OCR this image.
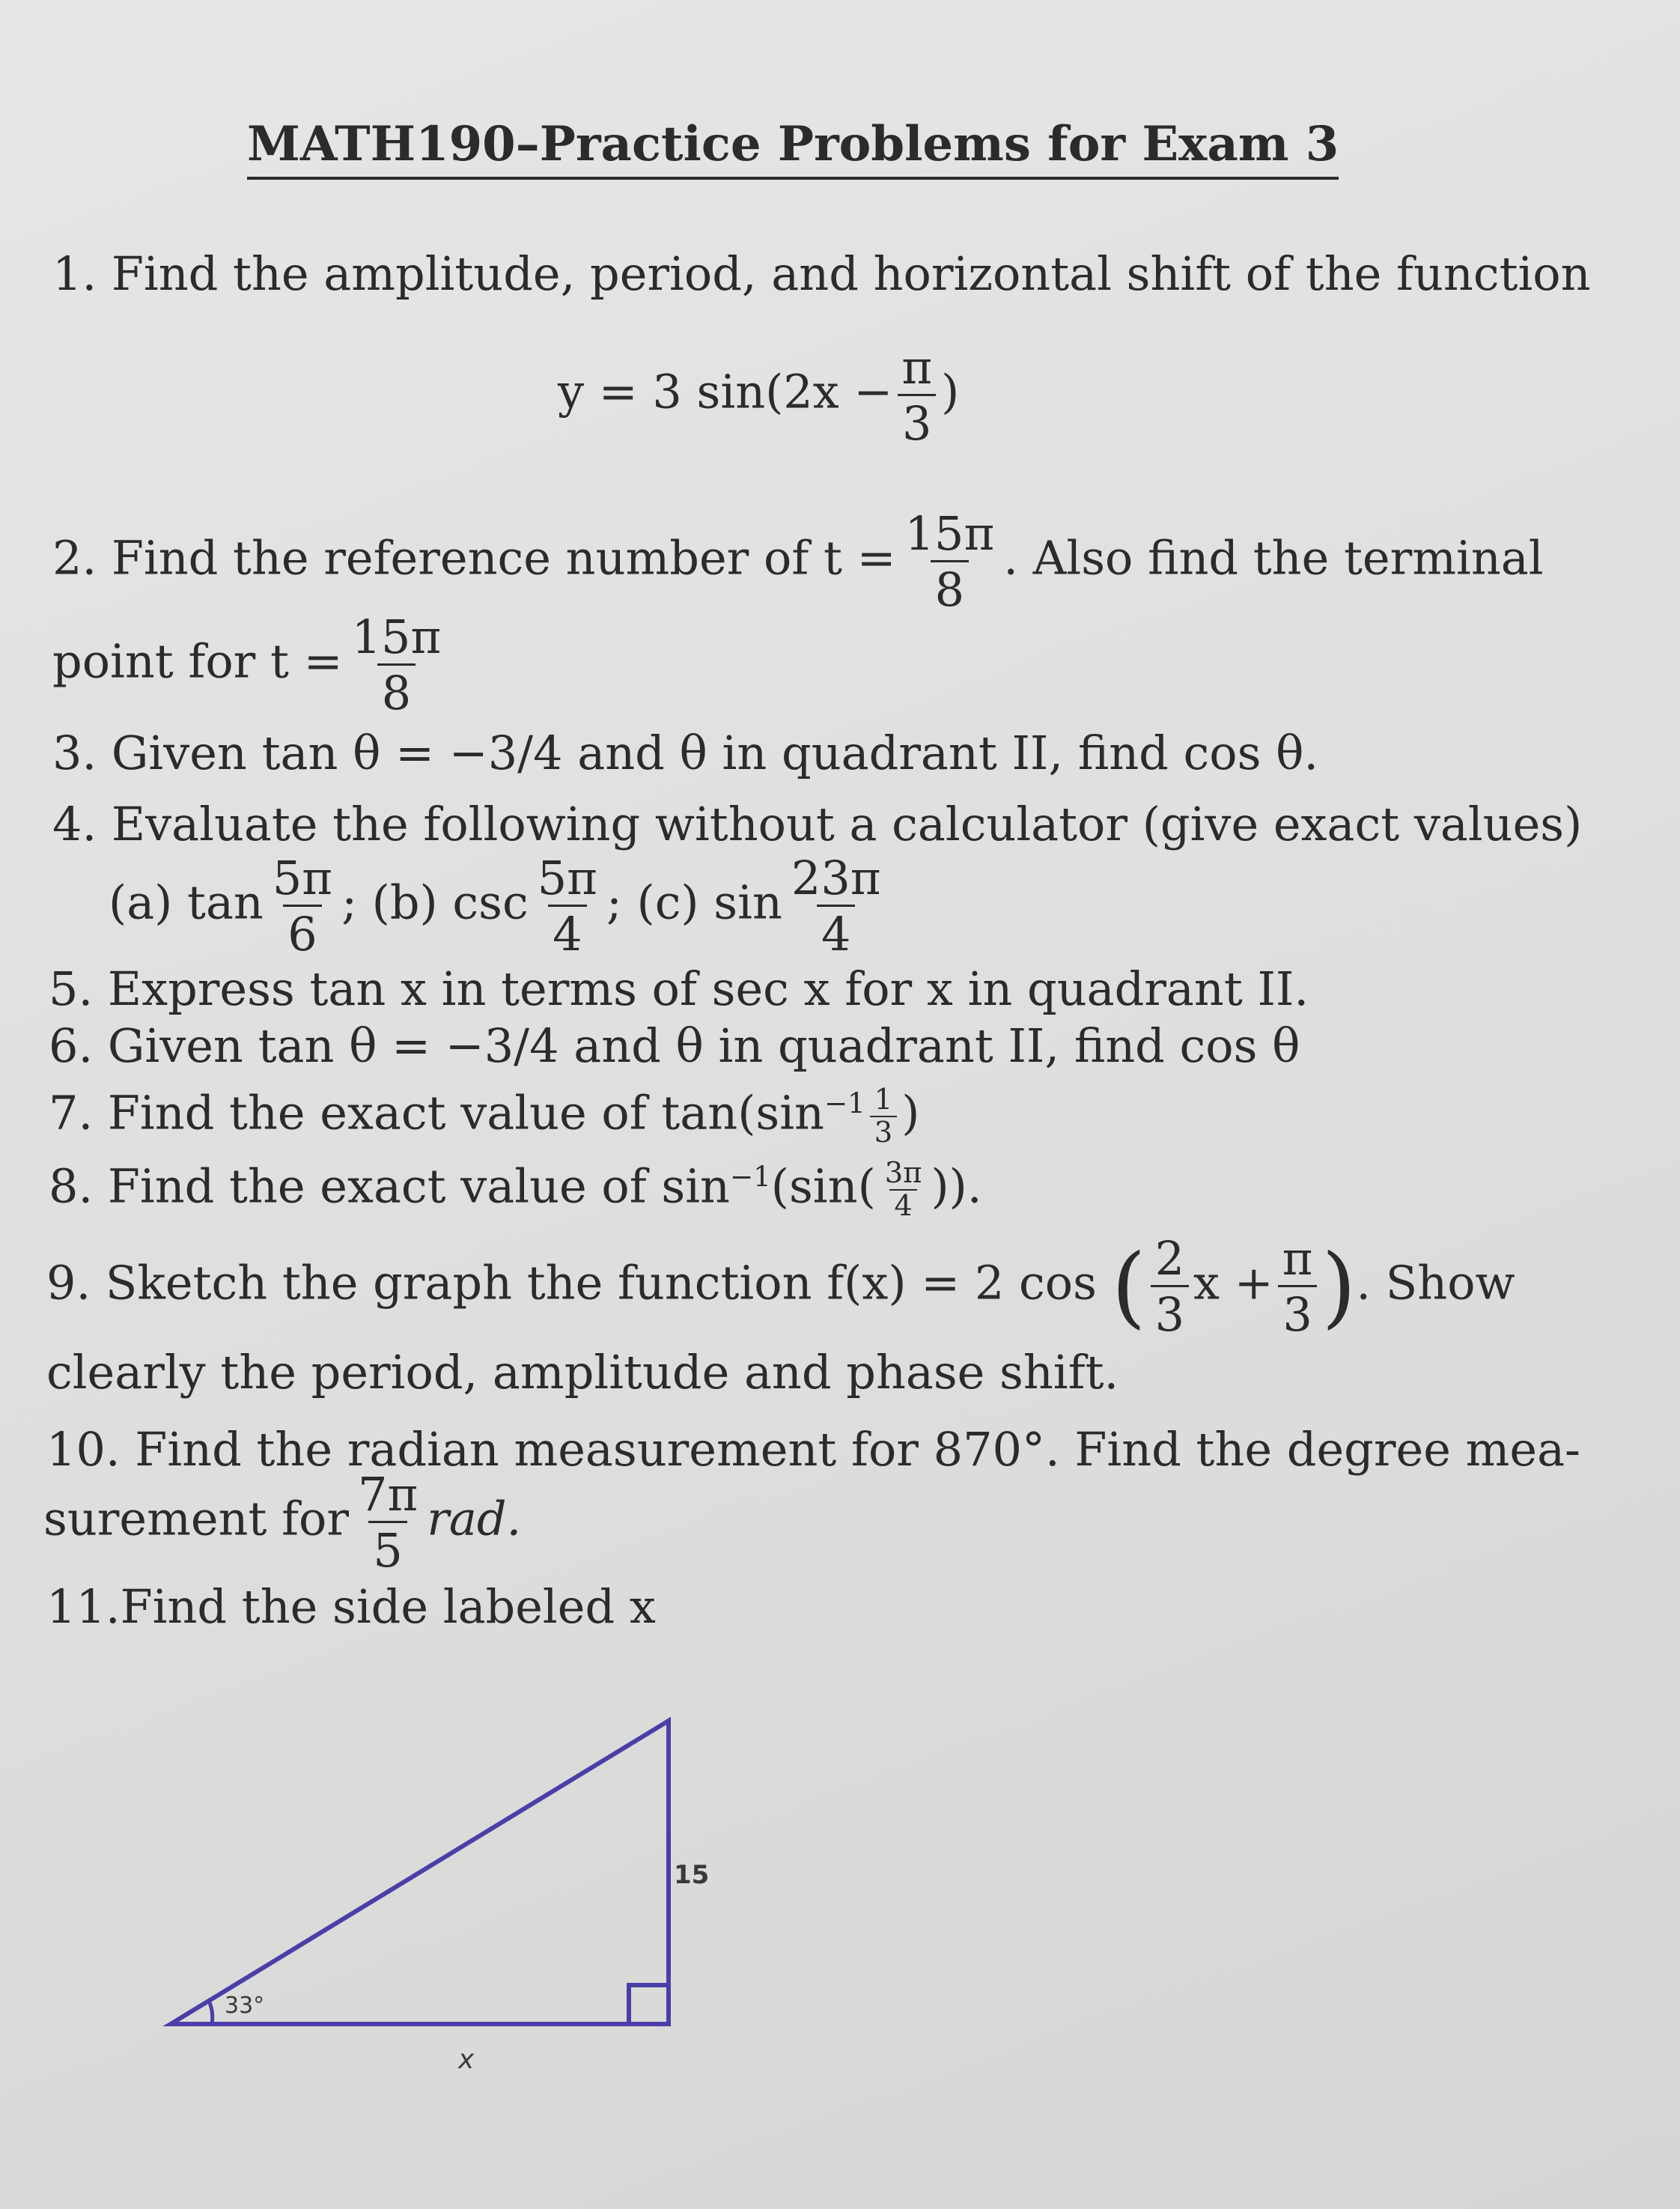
MATH190–Practice Problems for Exam 3
1. Find the amplitude, period, and horizontal shift of the function
y = 3 $\sin(2x - \frac{\pi}{3}$ )
2. Find the reference number of $t = \frac{15\pi}{8}$ . Also find the terminal
point for $t = \frac{15\pi}{8}$
3. Given tan θ = −3/4 and θ in quadrant II, find cos θ.
4. Evaluate the following without a calculator (give exact values)
(a) $\tan \frac{5\pi}{6}$ ; (b) $\csc \frac{5\pi}{4}$ ; (c) $\sin \frac{23\pi}{4}$
5. Express tan x in terms of sec x for x in quadrant II.
6. Given tan θ = −3/4 and θ in quadrant II, find cos θ
7. Find the exact value of $\tan(\sin^{-1} \frac{1}{3}$ )
8. Find the exact value of $\sin^{-1}(\sin( \frac{3\pi}{4}$ )).
9. Sketch the graph the function f(x) = 2 cos ( $\frac{2}{3}$ $x + \frac{\pi}{3}$ ). Show
clearly the period, amplitude and phase shift.
10. Find the radian measurement for 870°. Find the degree mea-
surement for $\frac{7\pi}{5}$ rad.
11.Find the side labeled x
33°
15
x
